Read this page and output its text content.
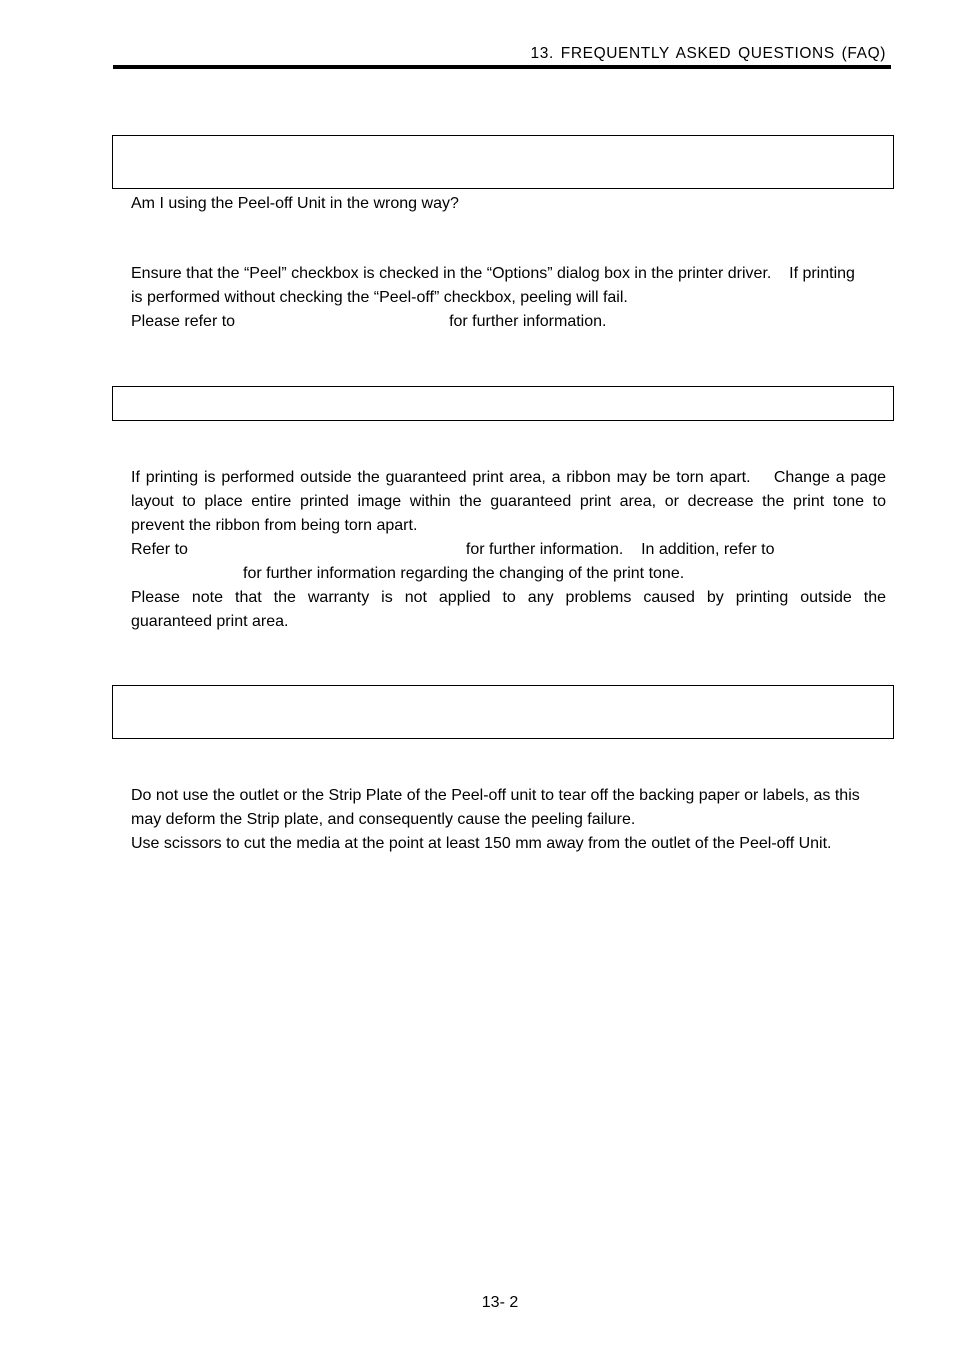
13. FREQUENTLY ASKED QUESTIONS (FAQ)
Am I using the Peel-off Unit in the wrong way?
Ensure that the “Peel” checkbox is checked in the “Options” dialog box in the printer driver.    If printing
is performed without checking the “Peel-off” checkbox, peeling will fail.
Please refer to	for further information.
If printing is performed outside the guaranteed print area, a ribbon may be torn apart.    Change a page
layout to place entire printed image within the guaranteed print area, or decrease the print tone to
prevent the ribbon from being torn apart.
Refer to	for further information.    In addition, refer to
for further information regarding the changing of the print tone.
Please note that the warranty is not applied to any problems caused by printing outside the
guaranteed print area.
Do not use the outlet or the Strip Plate of the Peel-off unit to tear off the backing paper or labels, as this
may deform the Strip plate, and consequently cause the peeling failure.
Use scissors to cut the media at the point at least 150 mm away from the outlet of the Peel-off Unit.
13- 2
